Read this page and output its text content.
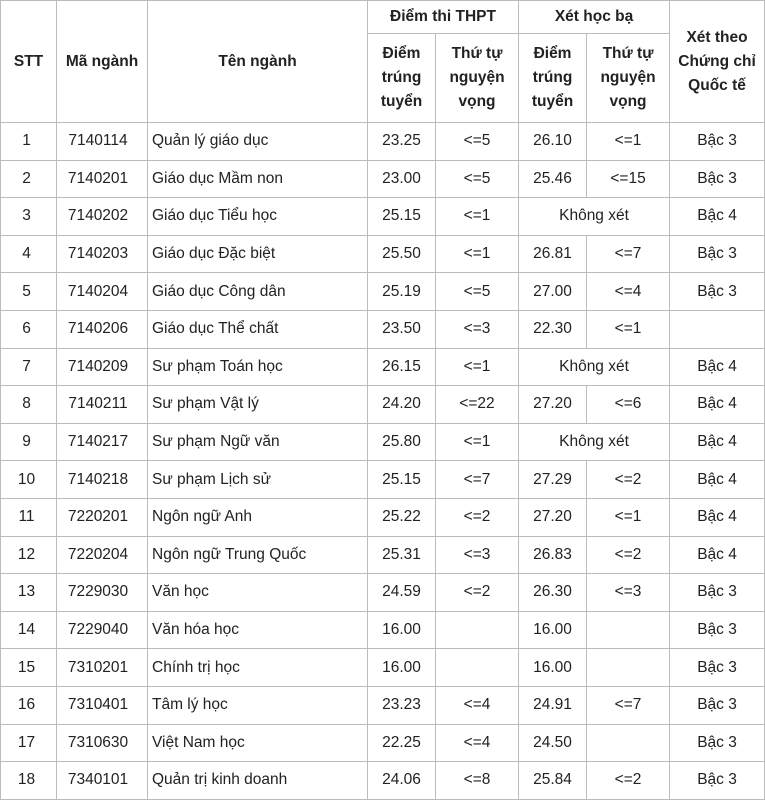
STT	Mã ngành	Tên ngành	Điểm thi THPT		Xét học bạ		Xét theo Chứng chỉ Quốc tế
			Điểm trúng tuyển	Thứ tự nguyện vọng	Điểm trúng tuyển	Thứ tự nguyện vọng	
1	7140114	Quản lý giáo dục	23.25	<=5	26.10	<=1	Bậc 3
2	7140201	Giáo dục Mầm non	23.00	<=5	25.46	<=15	Bậc 3
3	7140202	Giáo dục Tiểu học	25.15	<=1	Không xét		Bậc 4
4	7140203	Giáo dục Đặc biệt	25.50	<=1	26.81	<=7	Bậc 3
5	7140204	Giáo dục Công dân	25.19	<=5	27.00	<=4	Bậc 3
6	7140206	Giáo dục Thể chất	23.50	<=3	22.30	<=1	
7	7140209	Sư phạm Toán học	26.15	<=1	Không xét		Bậc 4
8	7140211	Sư phạm Vật lý	24.20	<=22	27.20	<=6	Bậc 4
9	7140217	Sư phạm Ngữ văn	25.80	<=1	Không xét		Bậc 4
10	7140218	Sư phạm Lịch sử	25.15	<=7	27.29	<=2	Bậc 4
11	7220201	Ngôn ngữ Anh	25.22	<=2	27.20	<=1	Bậc 4
12	7220204	Ngôn ngữ Trung Quốc	25.31	<=3	26.83	<=2	Bậc 4
13	7229030	Văn học	24.59	<=2	26.30	<=3	Bậc 3
14	7229040	Văn hóa học	16.00		16.00		Bậc 3
15	7310201	Chính trị học	16.00		16.00		Bậc 3
16	7310401	Tâm lý học	23.23	<=4	24.91	<=7	Bậc 3
17	7310630	Việt Nam học	22.25	<=4	24.50		Bậc 3
18	7340101	Quản trị kinh doanh	24.06	<=8	25.84	<=2	Bậc 3
